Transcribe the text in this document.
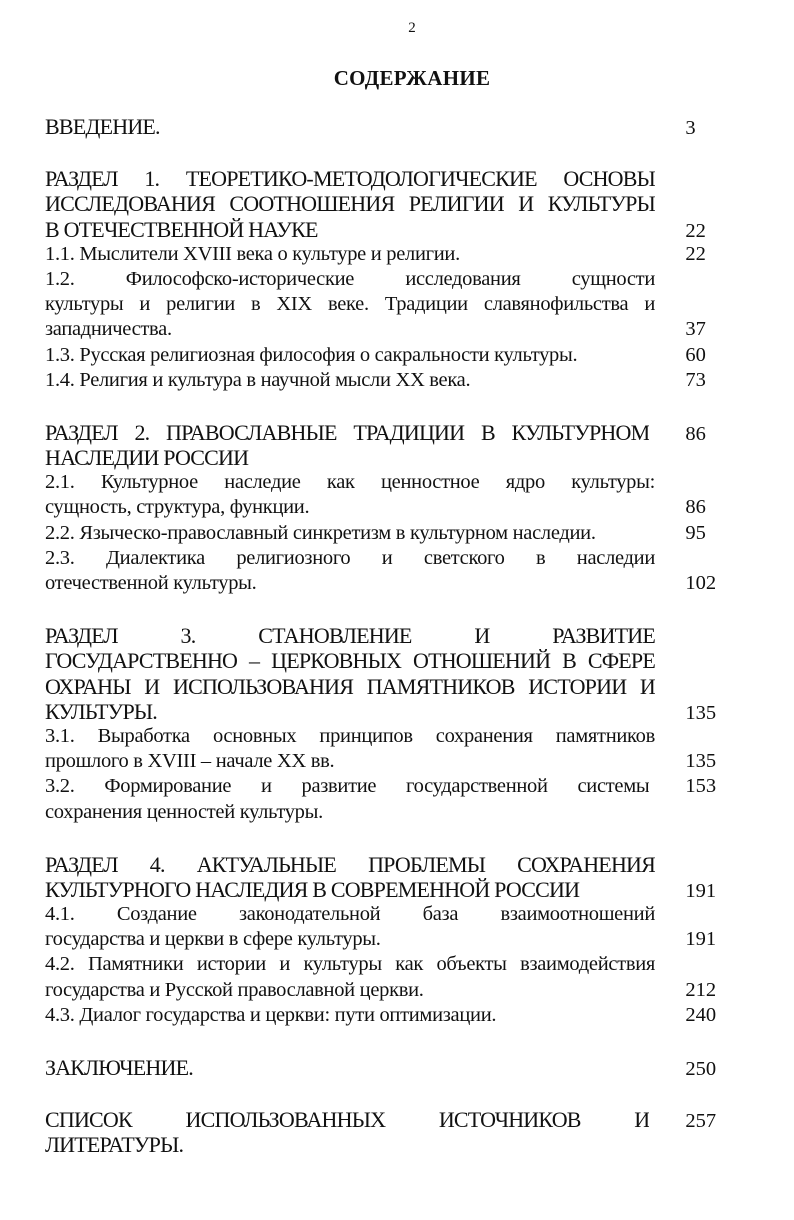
2
СОДЕРЖАНИЕ
ВВЕДЕНИЕ.	3
РАЗДЕЛ 1. ТЕОРЕТИКО-МЕТОДОЛОГИЧЕСКИЕ ОСНОВЫ
ИССЛЕДОВАНИЯ СООТНОШЕНИЯ РЕЛИГИИ И КУЛЬТУРЫ
В ОТЕЧЕСТВЕННОЙ НАУКЕ	22
1.1. Мыслители XVIII века о культуре и религии.	22
1.2. Философско-исторические исследования сущности
культуры и религии в XIX веке. Традиции славянофильства и
западничества.	37
1.3. Русская религиозная философия о сакральности культуры.	60
1.4. Религия и культура в научной мысли XX века.	73
РАЗДЕЛ 2. ПРАВОСЛАВНЫЕ ТРАДИЦИИ В КУЛЬТУРНОМ 86
НАСЛЕДИИ РОССИИ
2.1. Культурное наследие как ценностное ядро культуры:
сущность, структура, функции.	86
2.2. Языческо-православный синкретизм в культурном наследии.	95
2.3. Диалектика религиозного и светского в наследии
отечественной культуры.	102
РАЗДЕЛ 3. СТАНОВЛЕНИЕ И РАЗВИТИЕ
ГОСУДАРСТВЕННО – ЦЕРКОВНЫХ ОТНОШЕНИЙ В СФЕРЕ
ОХРАНЫ И ИСПОЛЬЗОВАНИЯ ПАМЯТНИКОВ ИСТОРИИ И
КУЛЬТУРЫ.	135
3.1. Выработка основных принципов сохранения памятников
прошлого в XVIII – начале XX вв.	135
3.2. Формирование и развитие государственной системы 153
сохранения ценностей культуры.
РАЗДЕЛ 4. АКТУАЛЬНЫЕ ПРОБЛЕМЫ СОХРАНЕНИЯ
КУЛЬТУРНОГО НАСЛЕДИЯ В СОВРЕМЕННОЙ РОССИИ	191
4.1. Создание законодательной база взаимоотношений
государства и церкви в сфере культуры.	191
4.2. Памятники истории и культуры как объекты взаимодействия
государства и Русской православной церкви.	212
4.3. Диалог государства и церкви: пути оптимизации.	240
ЗАКЛЮЧЕНИЕ.	250
СПИСОК ИСПОЛЬЗОВАННЫХ ИСТОЧНИКОВ И 257
ЛИТЕРАТУРЫ.
